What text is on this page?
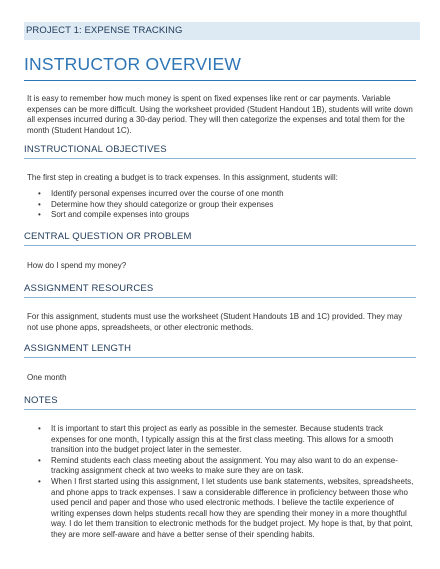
PROJECT 1: EXPENSE TRACKING
INSTRUCTOR OVERVIEW
It is easy to remember how much money is spent on fixed expenses like rent or car payments. Variable expenses can be more difficult. Using the worksheet provided (Student Handout 1B), students will write down all expenses incurred during a 30-day period. They will then categorize the expenses and total them for the month (Student Handout 1C).
INSTRUCTIONAL OBJECTIVES
The first step in creating a budget is to track expenses. In this assignment, students will:
• Identify personal expenses incurred over the course of one month
• Determine how they should categorize or group their expenses
• Sort and compile expenses into groups
CENTRAL QUESTION OR PROBLEM
How do I spend my money?
ASSIGNMENT RESOURCES
For this assignment, students must use the worksheet (Student Handouts 1B and 1C) provided. They may not use phone apps, spreadsheets, or other electronic methods.
ASSIGNMENT LENGTH
One month
NOTES
• It is important to start this project as early as possible in the semester. Because students track expenses for one month, I typically assign this at the first class meeting. This allows for a smooth transition into the budget project later in the semester.
• Remind students each class meeting about the assignment. You may also want to do an expense-tracking assignment check at two weeks to make sure they are on task.
• When I first started using this assignment, I let students use bank statements, websites, spreadsheets, and phone apps to track expenses. I saw a considerable difference in proficiency between those who used pencil and paper and those who used electronic methods. I believe the tactile experience of writing expenses down helps students recall how they are spending their money in a more thoughtful way. I do let them transition to electronic methods for the budget project. My hope is that, by that point, they are more self-aware and have a better sense of their spending habits.
